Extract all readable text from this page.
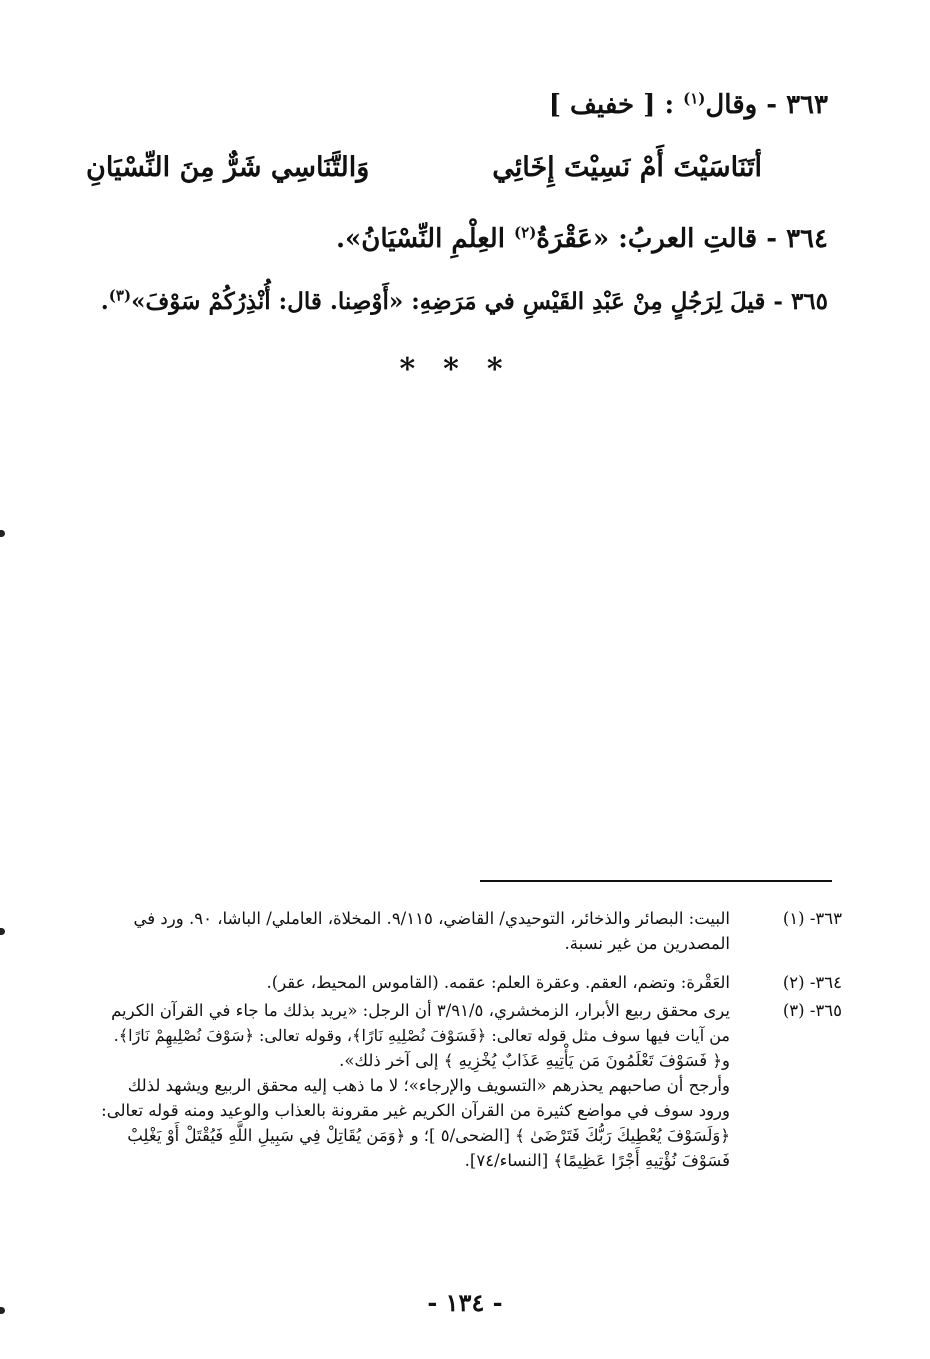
٣٦٣ - وقال$^{(١)}$ : [ خفيف ]
أتَنَاسَيْتَ أَمْ نَسِيْتَ إِخَائِي
وَالتَّنَاسِي شَرٌّ مِنَ النِّسْيَانِ
٣٦٤ - قالتِ العربُ: «عَقْرَةُ$^{(٢)}$ العِلْمِ النِّسْيَانُ».
٣٦٥ - قيلَ لِرَجُلٍ مِنْ عَبْدِ القَيْسِ في مَرَضِهِ: «أَوْصِنا. قال: أُنْذِرُكُمْ سَوْفَ»$^{(٣)}$.
***
٣٦٣- (١)
البيت: البصائر والذخائر، التوحيدي/ القاضي، ٩/١١٥. المخلاة، العاملي/ الباشا، ٩٠. ورد في
المصدرين من غير نسبة.
٣٦٤- (٢)
العَقْرة: وتضم، العقم. وعقرة العلم: عقمه. (القاموس المحيط، عقر).
٣٦٥- (٣)
يرى محقق ربيع الأبرار، الزمخشري، ٣/٩١/٥ أن الرجل: «يريد بذلك ما جاء في القرآن الكريم
من آيات فيها سوف مثل قوله تعالى: ﴿فَسَوْفَ نُصْلِيهِ نَارًا﴾، وقوله تعالى: ﴿سَوْفَ نُصْلِيهِمْ نَارًا﴾.
و﴿ فَسَوْفَ تَعْلَمُونَ مَن يَأْتِيهِ عَذَابٌ يُخْزِيهِ ﴾ إلى آخر ذلك».
وأرجح أن صاحبهم يحذرهم «التسويف والإرجاء»؛ لا ما ذهب إليه محقق الربيع ويشهد لذلك
ورود سوف في مواضع كثيرة من القرآن الكريم غير مقرونة بالعذاب والوعيد ومنه قوله تعالى:
﴿وَلَسَوْفَ يُعْطِيكَ رَبُّكَ فَتَرْضَىٰ ﴾ [الضحى/٥ ]؛ و ﴿وَمَن يُقَاتِلْ فِي سَبِيلِ اللَّهِ فَيُقْتَلْ أَوْ يَغْلِبْ
فَسَوْفَ نُؤْتِيهِ أَجْرًا عَظِيمًا﴾ [النساء/٧٤].
- ١٣٤ -
